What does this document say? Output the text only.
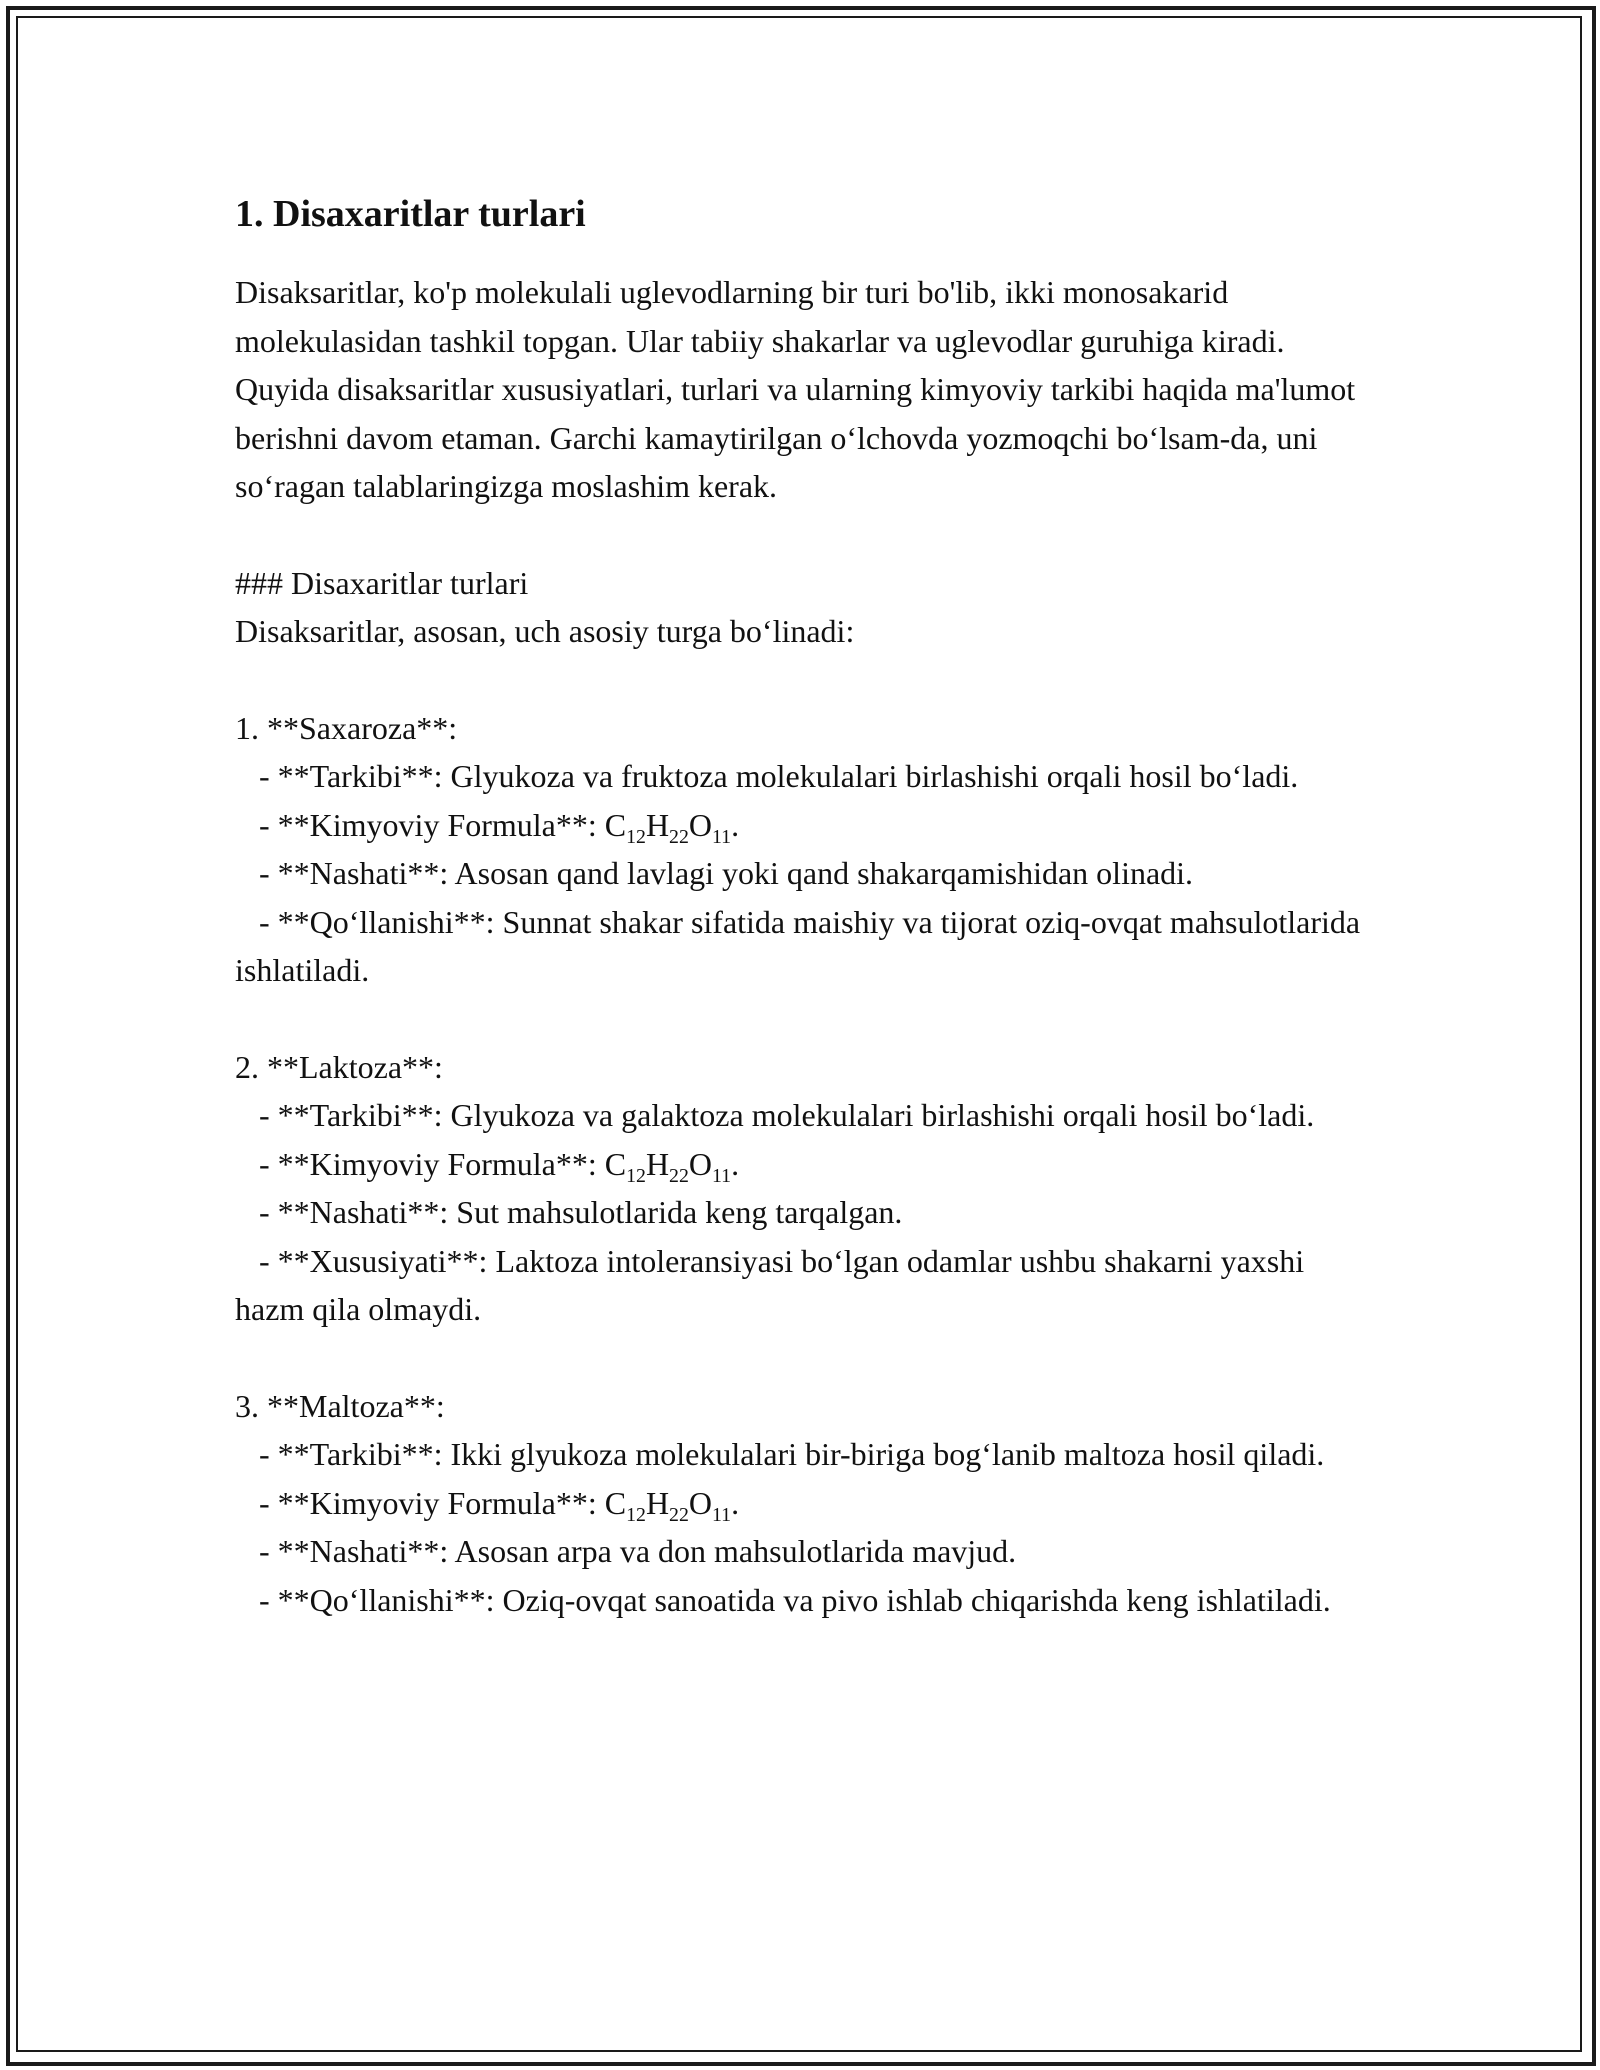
1. Disaxaritlar turlari

Disaksaritlar, ko'p molekulali uglevodlarning bir turi bo'lib, ikki monosakarid molekulasidan tashkil topgan. Ular tabiiy shakarlar va uglevodlar guruhiga kiradi. Quyida disaksaritlar xususiyatlari, turlari va ularning kimyoviy tarkibi haqida ma'lumot berishni davom etaman. Garchi kamaytirilgan o‘lchovda yozmoqchi bo‘lsam-da, uni so‘ragan talablaringizga moslashim kerak.

### Disaxaritlar turlari
Disaksaritlar, asosan, uch asosiy turga bo‘linadi:
1. **Saxaroza**:
- **Tarkibi**: Glyukoza va fruktoza molekulalari birlashishi orqali hosil bo‘ladi.
- **Kimyoviy Formula**: $C_{12}H_{22}O_{11}$.
- **Nashati**: Asosan qand lavlagi yoki qand shakarqamishidan olinadi.
- **Qo‘llanishi**: Sunnat shakar sifatida maishiy va tijorat oziq-ovqat mahsulotlarida ishlatiladi.
2. **Laktoza**:
- **Tarkibi**: Glyukoza va galaktoza molekulalari birlashishi orqali hosil bo‘ladi.
- **Kimyoviy Formula**: $C_{12}H_{22}O_{11}$.
- **Nashati**: Sut mahsulotlarida keng tarqalgan.
- **Xususiyati**: Laktoza intoleransiyasi bo‘lgan odamlar ushbu shakarni yaxshi hazm qila olmaydi.
3. **Maltoza**:
- **Tarkibi**: Ikki glyukoza molekulalari bir-biriga bog‘lanib maltoza hosil qiladi.
- **Kimyoviy Formula**: $C_{12}H_{22}O_{11}$.
- **Nashati**: Asosan arpa va don mahsulotlarida mavjud.
- **Qo‘llanishi**: Oziq-ovqat sanoatida va pivo ishlab chiqarishda keng ishlatiladi.
